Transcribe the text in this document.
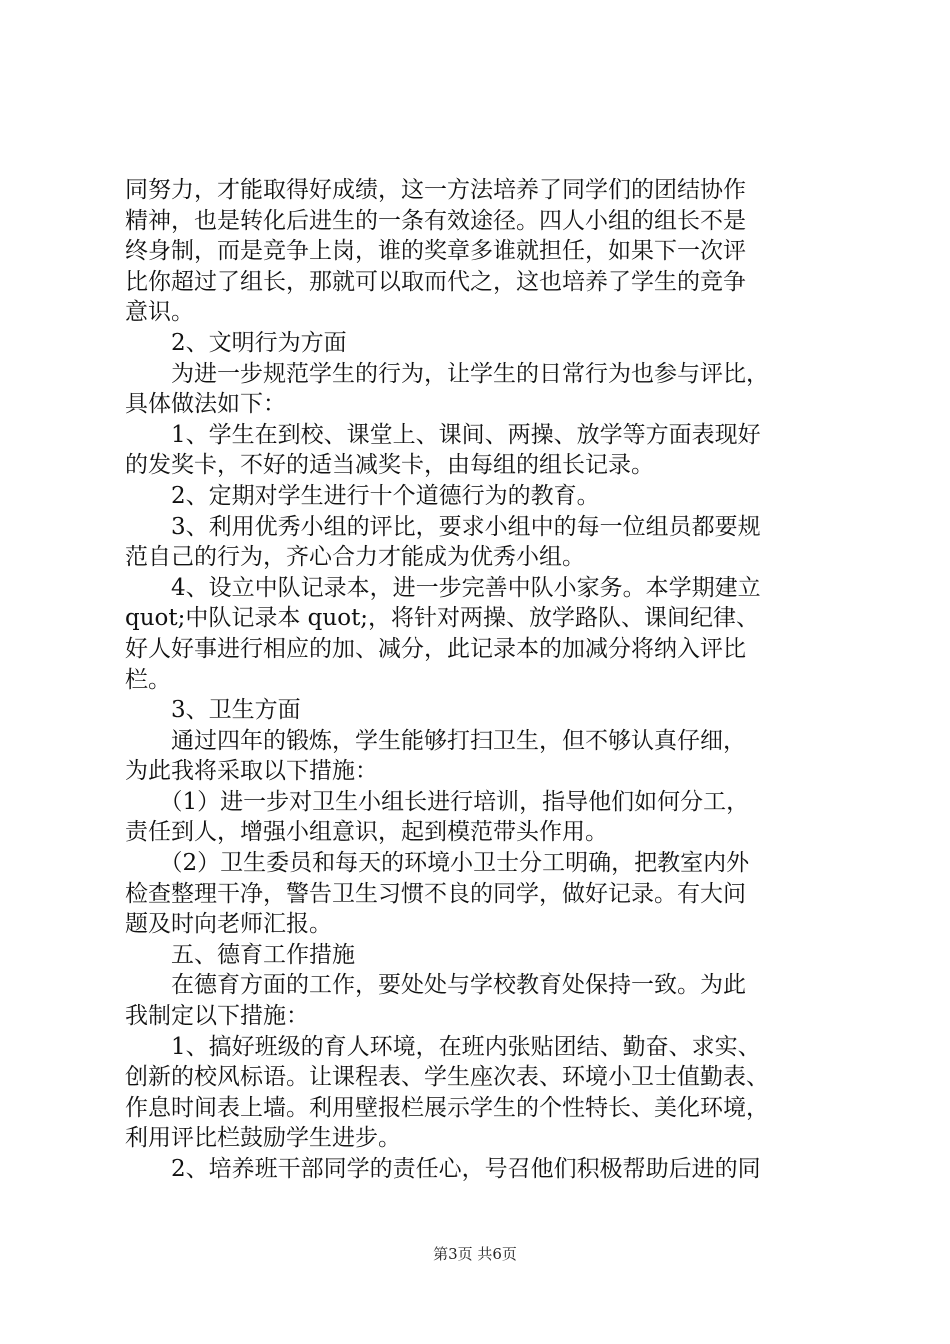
同努力，才能取得好成绩，这一方法培养了同学们的团结协作
精神，也是转化后进生的一条有效途径。四人小组的组长不是
终身制，而是竞争上岗，谁的奖章多谁就担任，如果下一次评
比你超过了组长，那就可以取而代之，这也培养了学生的竞争
意识。
　　2、文明行为方面
　　为进一步规范学生的行为，让学生的日常行为也参与评比，
具体做法如下：
　　1、学生在到校、课堂上、课间、两操、放学等方面表现好
的发奖卡，不好的适当减奖卡，由每组的组长记录。
　　2、定期对学生进行十个道德行为的教育。
　　3、利用优秀小组的评比，要求小组中的每一位组员都要规
范自己的行为，齐心合力才能成为优秀小组。
　　4、设立中队记录本，进一步完善中队小家务。本学期建立
quot;中队记录本 quot;，将针对两操、放学路队、课间纪律、
好人好事进行相应的加、减分，此记录本的加减分将纳入评比
栏。
　　3、卫生方面
　　通过四年的锻炼，学生能够打扫卫生，但不够认真仔细，
为此我将采取以下措施：
　　（1）进一步对卫生小组长进行培训，指导他们如何分工，
责任到人，增强小组意识，起到模范带头作用。
　　（2）卫生委员和每天的环境小卫士分工明确，把教室内外
检查整理干净，警告卫生习惯不良的同学，做好记录。有大问
题及时向老师汇报。
　　五、德育工作措施
　　在德育方面的工作，要处处与学校教育处保持一致。为此
我制定以下措施：
　　1、搞好班级的育人环境，在班内张贴团结、勤奋、求实、
创新的校风标语。让课程表、学生座次表、环境小卫士值勤表、
作息时间表上墙。利用壁报栏展示学生的个性特长、美化环境，
利用评比栏鼓励学生进步。
　　2、培养班干部同学的责任心，号召他们积极帮助后进的同
第3页 共6页
